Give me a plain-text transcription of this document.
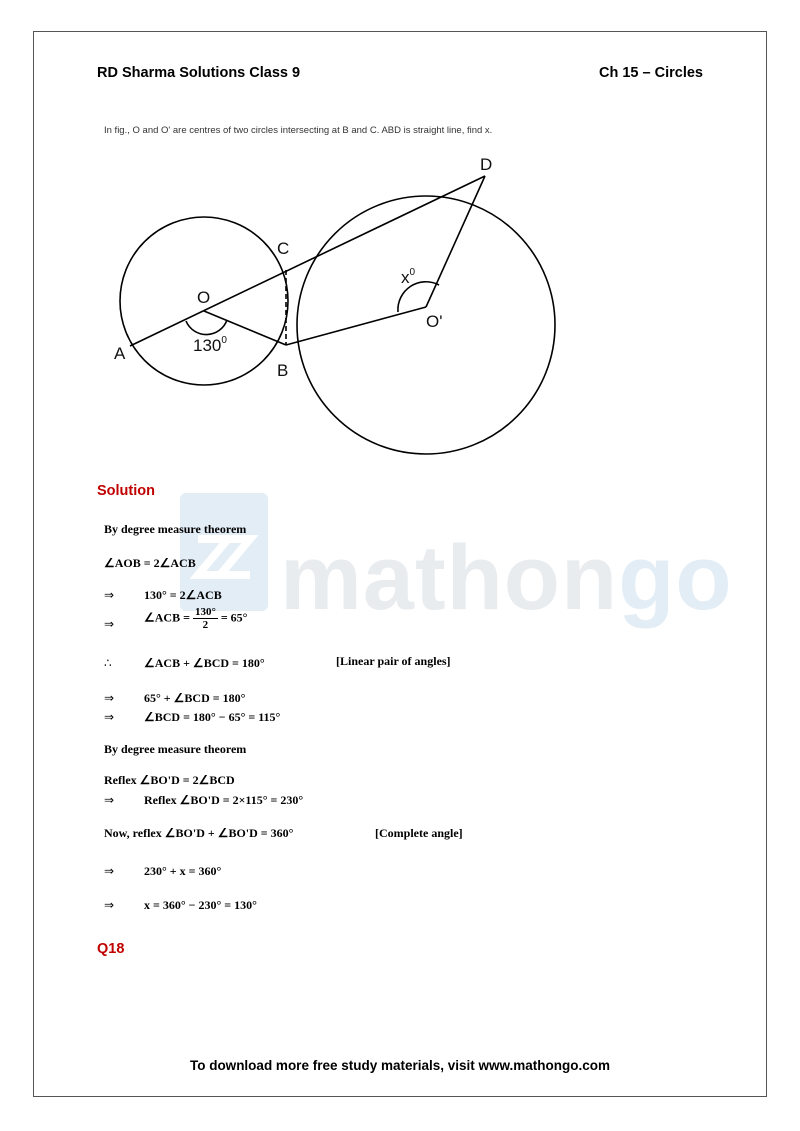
RD Sharma Solutions Class 9	Ch 15 – Circles
In fig., O and O' are centres of two circles intersecting at B and C. ABD is straight line, find x.
D
C
O
$x^0$
O'
A
B
$130^0$
Solution
mathongo
By degree measure theorem
∠AOB = 2∠ACB
⇒ 130° = 2∠ACB
⇒ ∠ACB = $\frac{130^\circ}{2} = 65^\circ$
∴	∠ACB + ∠BCD = 180°	[Linear pair of angles]
⇒ 65° + ∠BCD = 180°
⇒ ∠BCD = 180° − 65° = 115°
By degree measure theorem
Reflex ∠BO'D = 2∠BCD
⇒ Reflex ∠BO'D = 2×115° = 230°
Now, reflex ∠BO'D + ∠BO'D = 360°	[Complete angle]
⇒ 230° + x = 360°
⇒ x = 360° − 230° = 130°
Q18
To download more free study materials, visit www.mathongo.com
